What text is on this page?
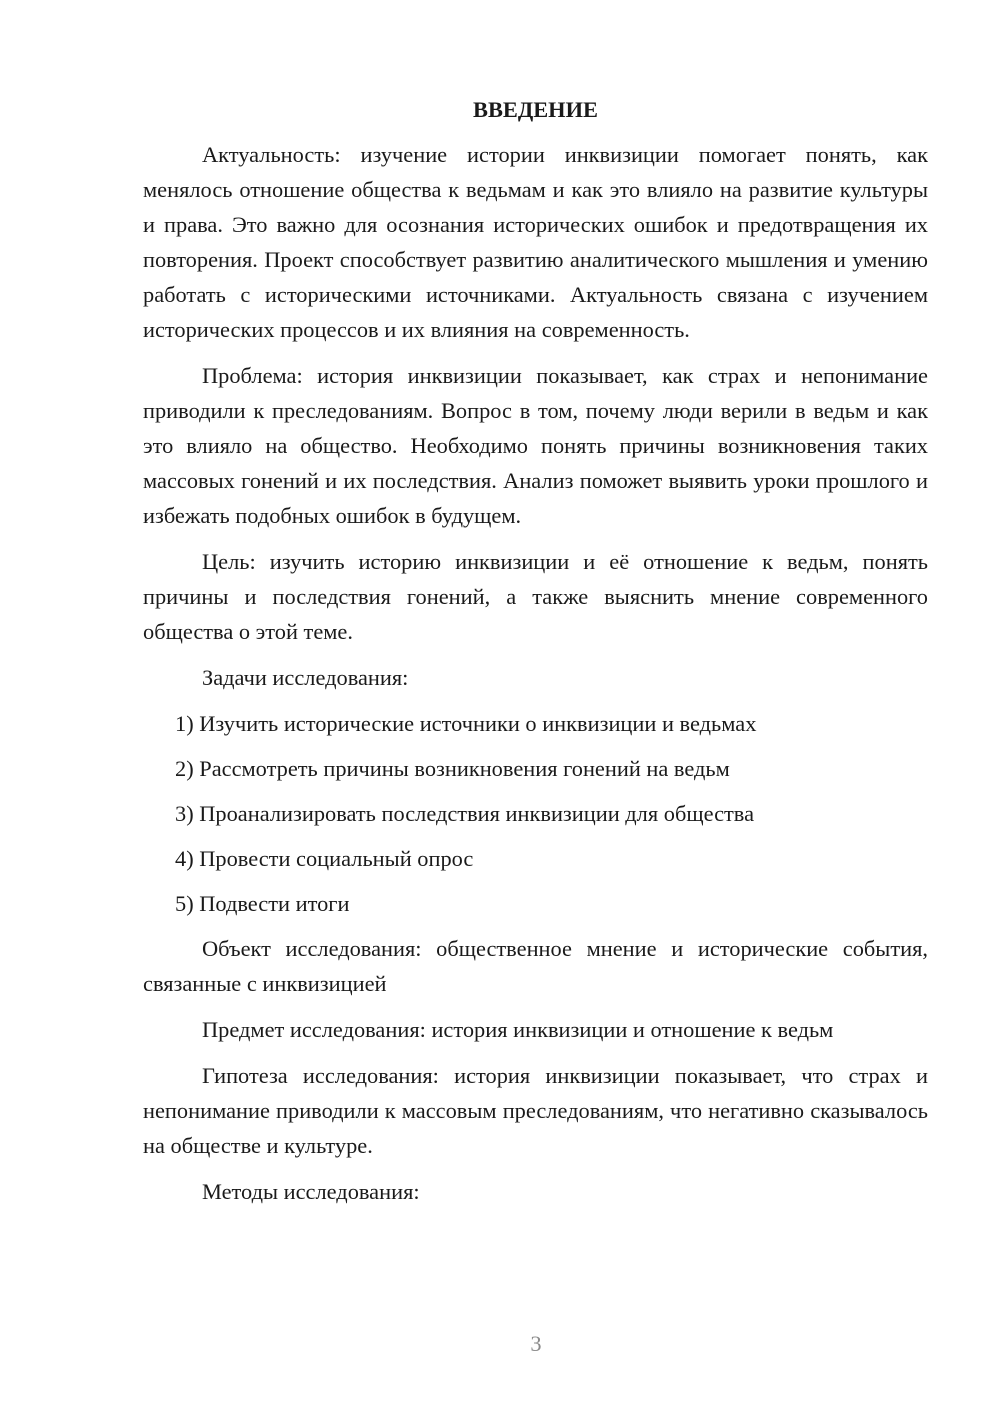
ВВЕДЕНИЕ

Актуальность: изучение истории инквизиции помогает понять, как менялось отношение общества к ведьмам и как это влияло на развитие культуры и права. Это важно для осознания исторических ошибок и предотвращения их повторения. Проект способствует развитию аналитического мышления и умению работать с историческими источниками. Актуальность связана с изучением исторических процессов и их влияния на современность.

Проблема: история инквизиции показывает, как страх и непонимание приводили к преследованиям. Вопрос в том, почему люди верили в ведьм и как это влияло на общество. Необходимо понять причины возникновения таких массовых гонений и их последствия. Анализ поможет выявить уроки прошлого и избежать подобных ошибок в будущем.

Цель: изучить историю инквизиции и её отношение к ведьм, понять причины и последствия гонений, а также выяснить мнение современного общества о этой теме.

Задачи исследования:

1) Изучить исторические источники о инквизиции и ведьмах
2) Рассмотреть причины возникновения гонений на ведьм
3) Проанализировать последствия инквизиции для общества
4) Провести социальный опрос
5) Подвести итоги

Объект исследования: общественное мнение и исторические события, связанные с инквизицией

Предмет исследования: история инквизиции и отношение к ведьм

Гипотеза исследования: история инквизиции показывает, что страх и непонимание приводили к массовым преследованиям, что негативно сказывалось на обществе и культуре.

Методы исследования:

3
